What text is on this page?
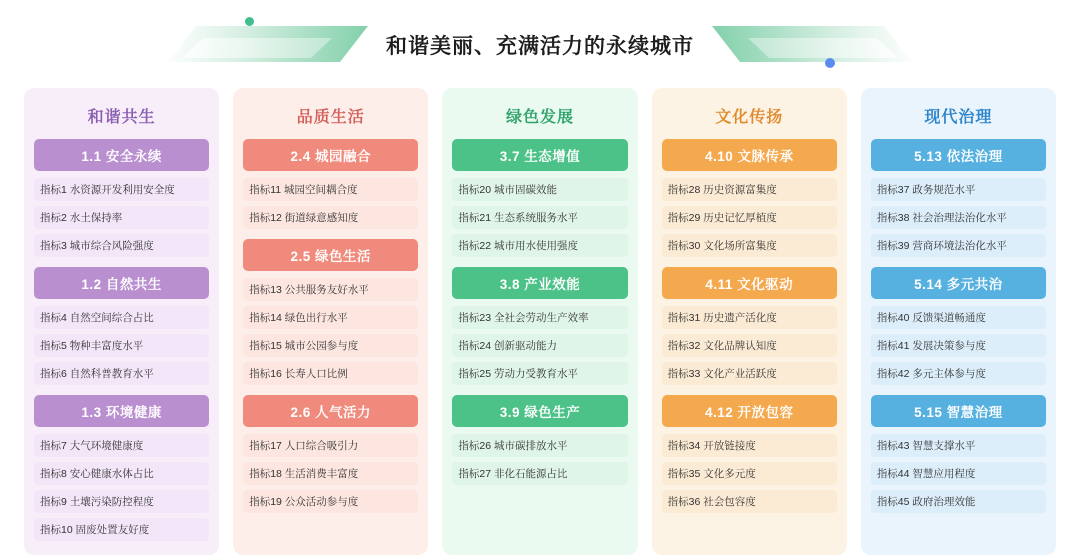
和谐美丽、充满活力的永续城市
和谐共生
1.1 安全永续
指标1 水资源开发利用安全度
指标2 水土保持率
指标3 城市综合风险强度
1.2 自然共生
指标4 自然空间综合占比
指标5 物种丰富度水平
指标6 自然科普教育水平
1.3 环境健康
指标7 大气环境健康度
指标8 安心健康水体占比
指标9 土壤污染防控程度
指标10 固废处置友好度
品质生活
2.4 城园融合
指标11 城园空间耦合度
指标12 街道绿意感知度
2.5 绿色生活
指标13 公共服务友好水平
指标14 绿色出行水平
指标15 城市公园参与度
指标16 长寿人口比例
2.6 人气活力
指标17 人口综合吸引力
指标18 生活消费丰富度
指标19 公众活动参与度
绿色发展
3.7 生态增值
指标20 城市固碳效能
指标21 生态系统服务水平
指标22 城市用水使用强度
3.8 产业效能
指标23 全社会劳动生产效率
指标24 创新驱动能力
指标25 劳动力受教育水平
3.9 绿色生产
指标26 城市碳排放水平
指标27 非化石能源占比
文化传扬
4.10 文脉传承
指标28 历史资源富集度
指标29 历史记忆厚植度
指标30 文化场所富集度
4.11 文化驱动
指标31 历史遗产活化度
指标32 文化品牌认知度
指标33 文化产业活跃度
4.12 开放包容
指标34 开放链接度
指标35 文化多元度
指标36 社会包容度
现代治理
5.13 依法治理
指标37 政务规范水平
指标38 社会治理法治化水平
指标39 营商环境法治化水平
5.14 多元共治
指标40 反馈渠道畅通度
指标41 发展决策参与度
指标42 多元主体参与度
5.15 智慧治理
指标43 智慧支撑水平
指标44 智慧应用程度
指标45 政府治理效能
